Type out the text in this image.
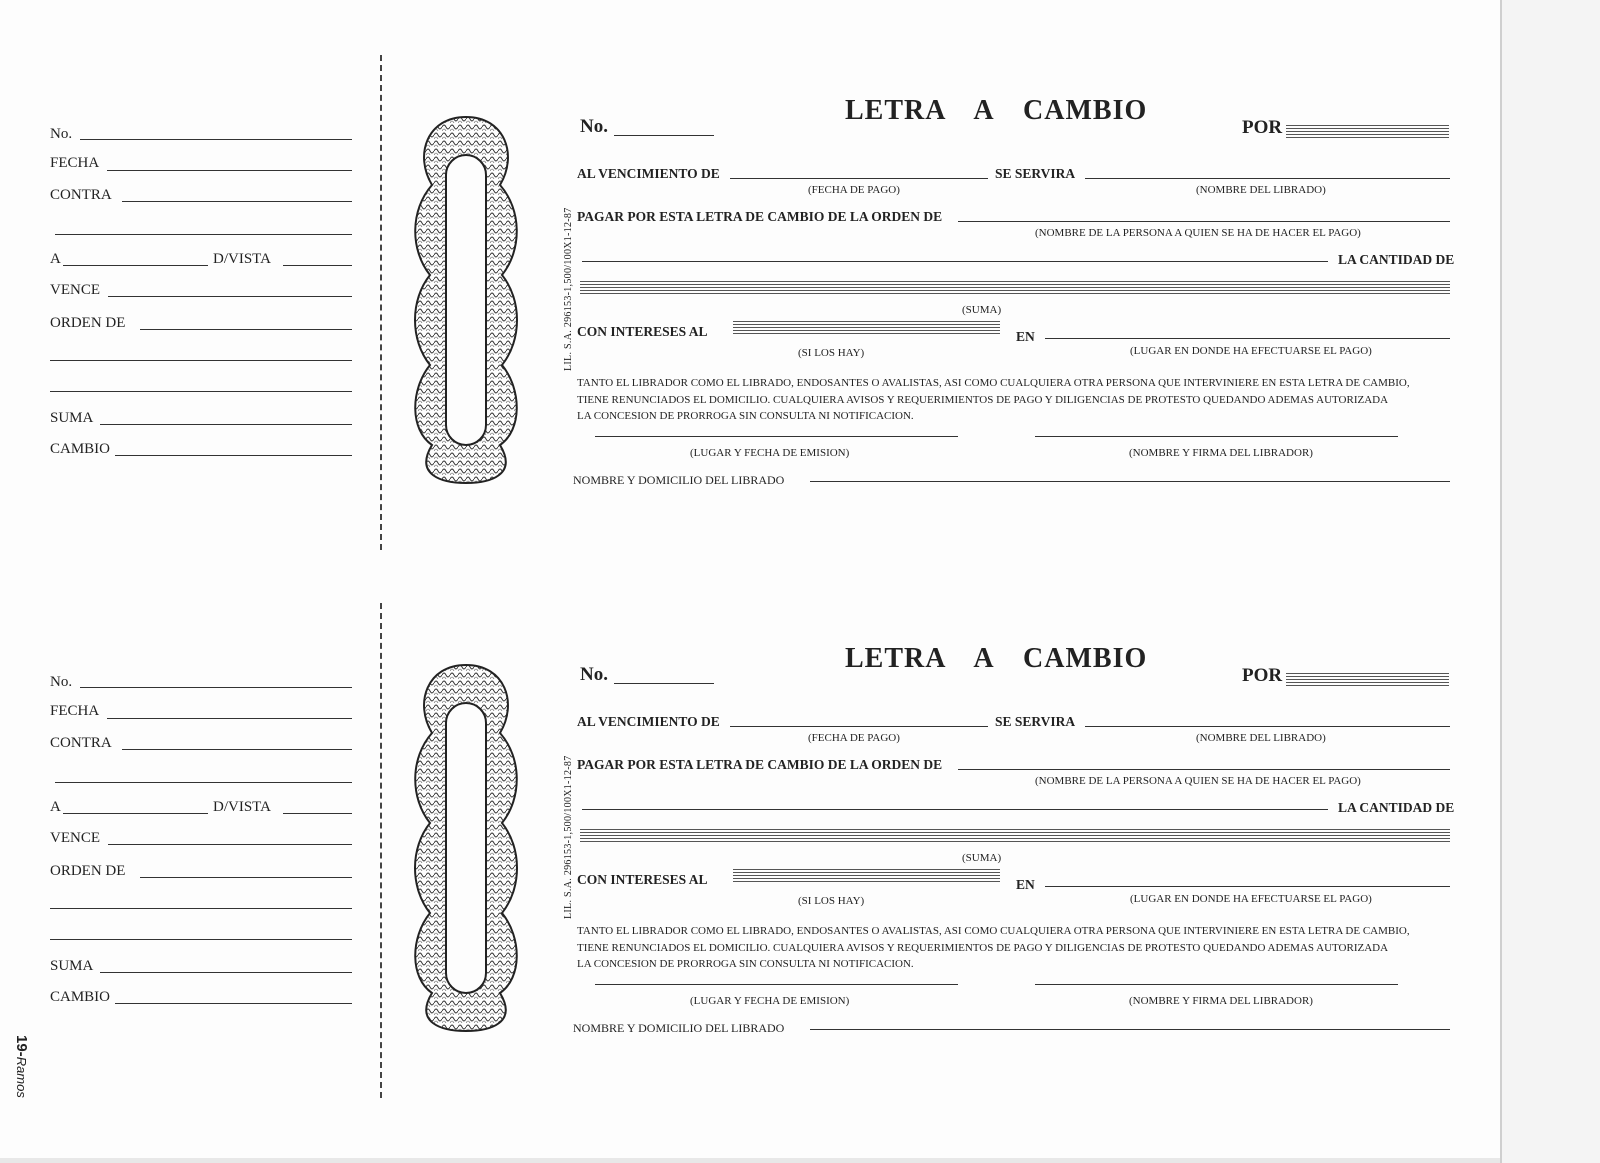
No.
FECHA
CONTRA
A	D/VISTA
VENCE
ORDEN DE
SUMA
CAMBIO
LIL. S.A. 296153-1,500/100X1-12-87
LETRA A CAMBIO
No.	POR
AL VENCIMIENTO DE
(FECHA DE PAGO)
SE SERVIRA
(NOMBRE DEL LIBRADO)
PAGAR POR ESTA LETRA DE CAMBIO DE LA ORDEN DE
(NOMBRE DE LA PERSONA A QUIEN SE HA DE HACER EL PAGO)
LA CANTIDAD DE
(SUMA)
CON INTERESES AL
(SI LOS HAY)
EN
(LUGAR EN DONDE HA EFECTUARSE EL PAGO)
TANTO EL LIBRADOR COMO EL LIBRADO, ENDOSANTES O AVALISTAS, ASI COMO CUALQUIERA OTRA PERSONA QUE INTERVINIERE EN ESTA LETRA DE CAMBIO,
TIENE RENUNCIADOS EL DOMICILIO. CUALQUIERA AVISOS Y REQUERIMIENTOS DE PAGO Y DILIGENCIAS DE PROTESTO QUEDANDO ADEMAS AUTORIZADA
LA CONCESION DE PRORROGA SIN CONSULTA NI NOTIFICACION.
(LUGAR Y FECHA DE EMISION)	(NOMBRE Y FIRMA DEL LIBRADOR)
NOMBRE Y DOMICILIO DEL LIBRADO
No.
FECHA
CONTRA
A	D/VISTA
VENCE
ORDEN DE
SUMA
CAMBIO
LIL. S.A. 296153-1,500/100X1-12-87
LETRA A CAMBIO
No.	POR
AL VENCIMIENTO DE
(FECHA DE PAGO)
SE SERVIRA
(NOMBRE DEL LIBRADO)
PAGAR POR ESTA LETRA DE CAMBIO DE LA ORDEN DE
(NOMBRE DE LA PERSONA A QUIEN SE HA DE HACER EL PAGO)
LA CANTIDAD DE
(SUMA)
CON INTERESES AL
(SI LOS HAY)
EN
(LUGAR EN DONDE HA EFECTUARSE EL PAGO)
TANTO EL LIBRADOR COMO EL LIBRADO, ENDOSANTES O AVALISTAS, ASI COMO CUALQUIERA OTRA PERSONA QUE INTERVINIERE EN ESTA LETRA DE CAMBIO,
TIENE RENUNCIADOS EL DOMICILIO. CUALQUIERA AVISOS Y REQUERIMIENTOS DE PAGO Y DILIGENCIAS DE PROTESTO QUEDANDO ADEMAS AUTORIZADA
LA CONCESION DE PRORROGA SIN CONSULTA NI NOTIFICACION.
(LUGAR Y FECHA DE EMISION)	(NOMBRE Y FIRMA DEL LIBRADOR)
NOMBRE Y DOMICILIO DEL LIBRADO
19-Ramos
